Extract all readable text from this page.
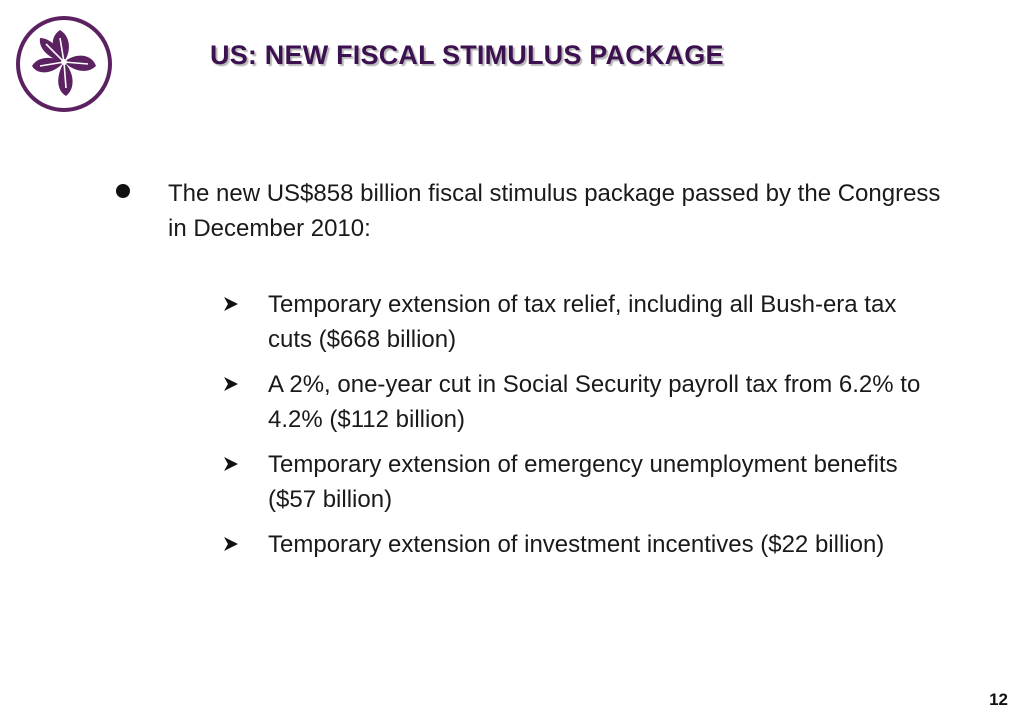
US: NEW FISCAL STIMULUS PACKAGE
The new US$858 billion fiscal stimulus package passed by the Congress in December 2010:
Temporary extension of tax relief, including all Bush-era tax cuts ($668 billion)
A 2%, one-year cut in Social Security payroll tax from 6.2% to 4.2% ($112 billion)
Temporary extension of emergency unemployment benefits ($57 billion)
Temporary extension of investment incentives ($22 billion)
12
